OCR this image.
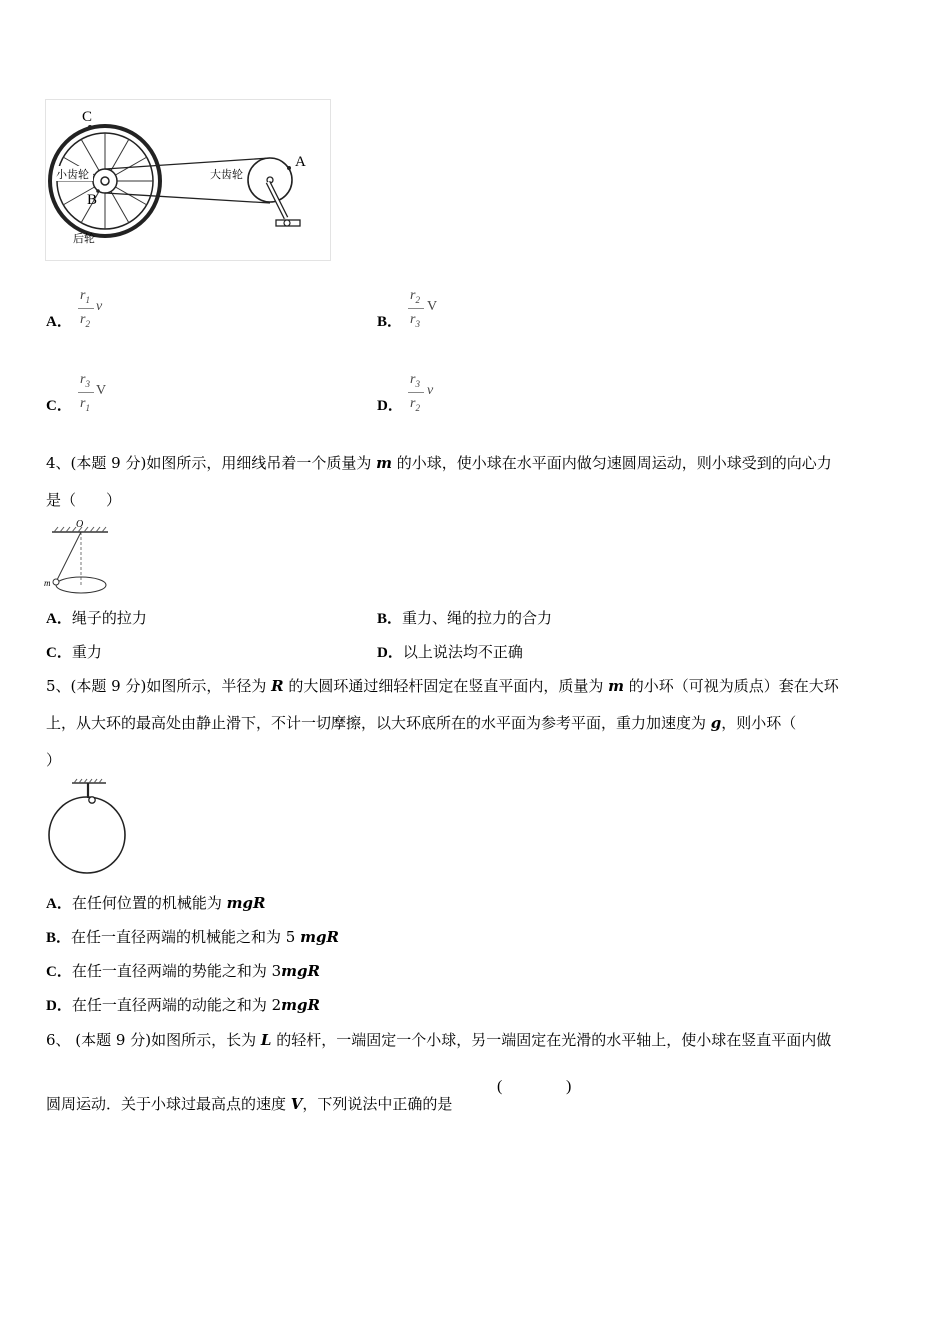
C
A
B
小齿轮	大齿轮
后轮
A．
$r_1$
$r_2$
v
B．
$r_2$
$r_3$
V
C．
$r_3$
$r_1$
V
D．
$r_3$
$r_2$
v
4、(本题 9 分)如图所示，用细线吊着一个质量为 m 的小球，使小球在水平面内做匀速圆周运动，则小球受到的向心力
是（　　）
O
m
A．绳子的拉力	B．重力、绳的拉力的合力
C．重力	D．以上说法均不正确
5、(本题 9 分)如图所示，半径为 R 的大圆环通过细轻杆固定在竖直平面内，质量为 m 的小环（可视为质点）套在大环
上，从大环的最高处由静止滑下，不计一切摩擦，以大环底所在的水平面为参考平面，重力加速度为 g，则小环（
）
A．在任何位置的机械能为 mgR
B．在任一直径两端的机械能之和为 5 mgR
C．在任一直径两端的势能之和为 3mgR
D．在任一直径两端的动能之和为 2mgR
6、 (本题 9 分)如图所示，长为 L 的轻杆，一端固定一个小球，另一端固定在光滑的水平轴上，使小球在竖直平面内做
圆周运动．关于小球过最高点的速度 V，下列说法中正确的是
(	)
